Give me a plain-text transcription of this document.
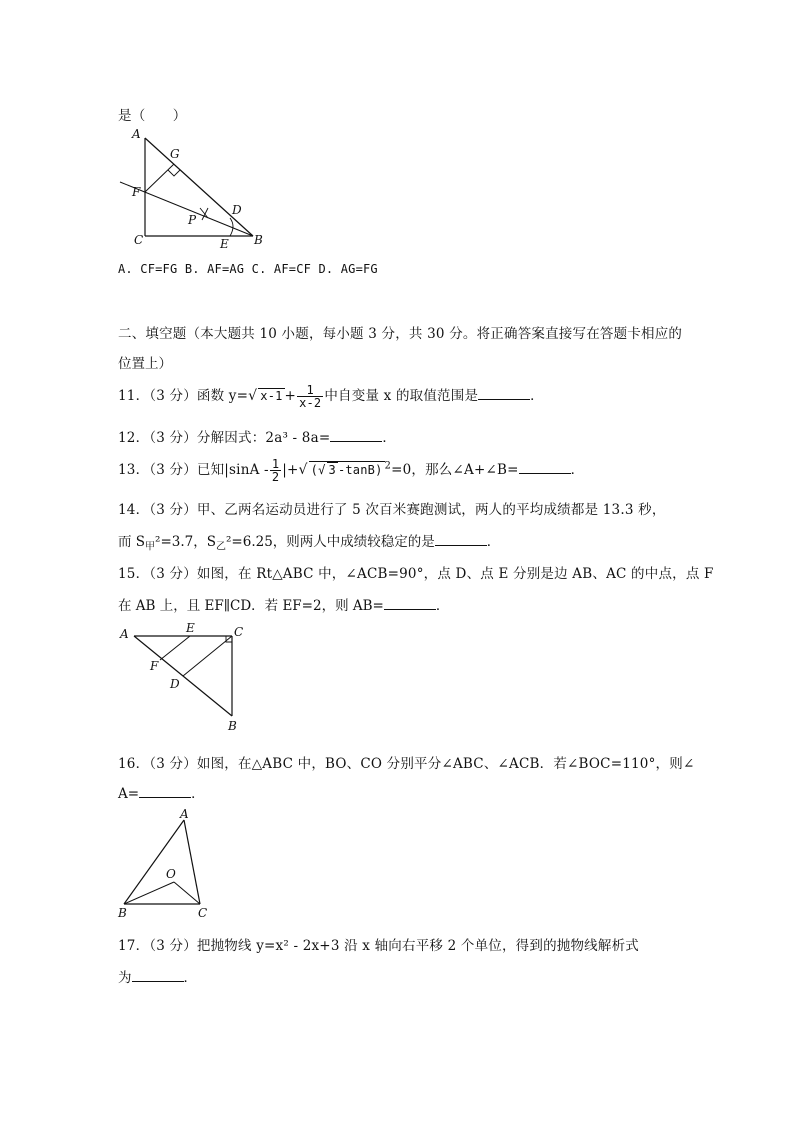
是（　　）
A
G
F
P
D
C	E B
A. CF=FG B. AF=AG C. AF=CF D. AG=FG
二、填空题（本大题共 10 小题，每小题 3 分，共 30 分。将正确答案直接写在答题卡相应的
位置上）
11．（3 分）函数 y=√ $x-1 + \frac{1}{x-2}$ 中自变量 x 的取值范围是	．
12．（3 分）分解因式：2a³ - 8a=	．
13．（3 分）已知$|\sin A - \frac{1}{2}$ |+√ (√ 3 -tanB) $^2$=0，那么∠A+∠B=	．
14．（3 分）甲、乙两名运动员进行了 5 次百米赛跑测试，两人的平均成绩都是 13.3 秒，
而 $S_甲^2=3.7$，$S_乙^2=6.25$，则两人中成绩较稳定的是	．
15．（3 分）如图，在 Rt△ABC 中，∠ACB=90°，点 D、点 E 分别是边 AB、AC 的中点，点 F
在 AB 上，且 EF∥CD．若 EF=2，则 AB=	．
A	E	C
F
D
B
16．（3 分）如图，在△ABC 中，BO、CO 分别平分∠ABC、∠ACB．若∠BOC=110°，则∠
A=	．
A
O
B	C
17．（3 分）把抛物线 y=x² - 2x+3 沿 x 轴向右平移 2 个单位，得到的抛物线解析式
为	．
